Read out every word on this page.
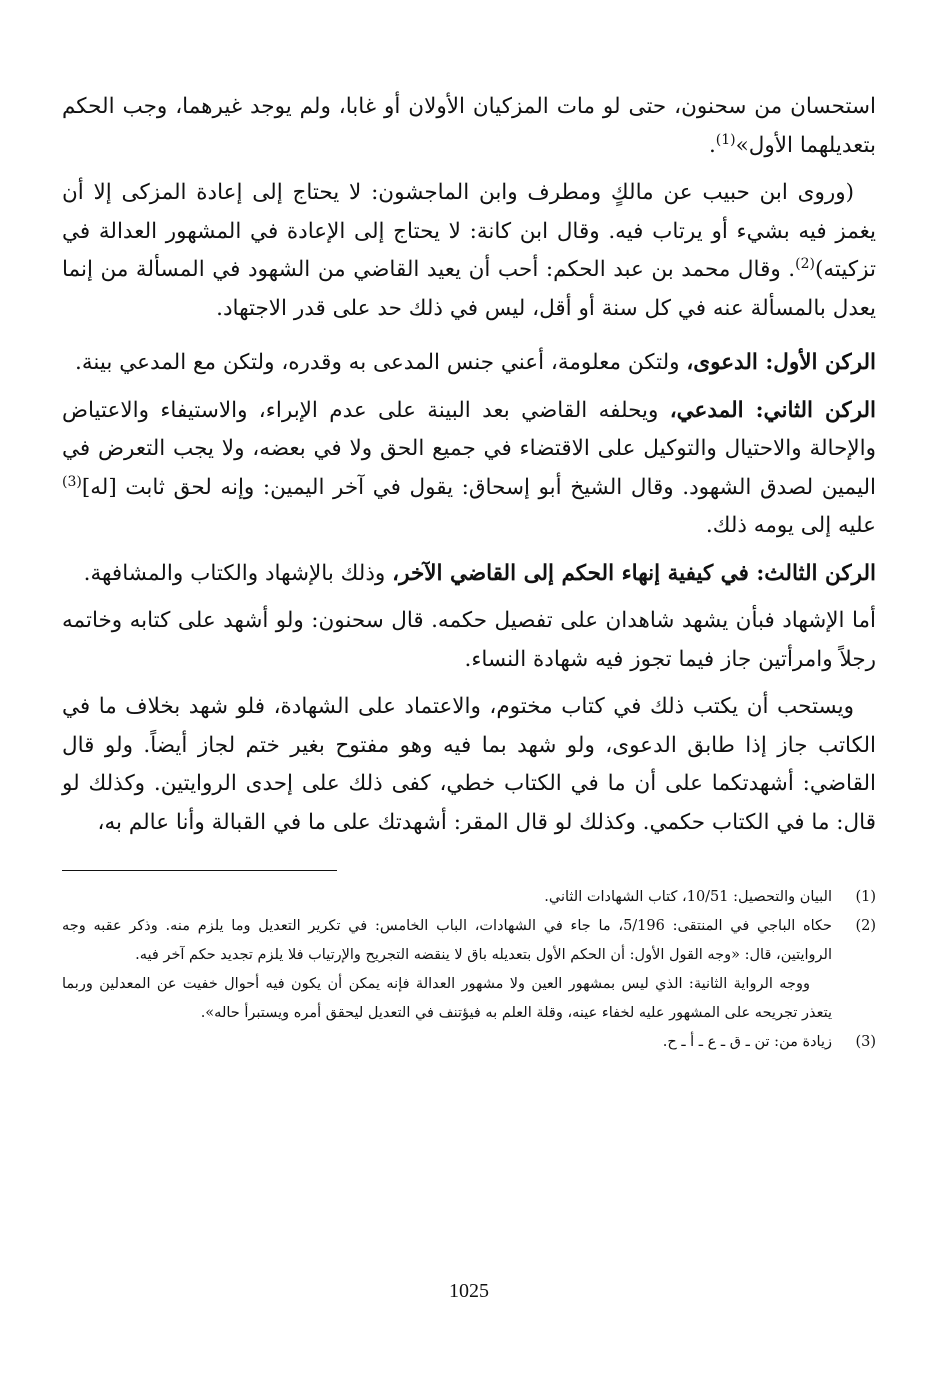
استحسان من سحنون، حتى لو مات المزكيان الأولان أو غابا، ولم يوجد غيرهما، وجب الحكم بتعديلهما الأول»$^{(1)}$.

(وروى ابن حبيب عن مالكٍ ومطرف وابن الماجشون: لا يحتاج إلى إعادة المزكى إلا أن يغمز فيه بشيء أو يرتاب فيه. وقال ابن كانة: لا يحتاج إلى الإعادة في المشهور العدالة في تزكيته)$^{(2)}$. وقال محمد بن عبد الحكم: أحب أن يعيد القاضي من الشهود في المسألة من إنما يعدل بالمسألة عنه في كل سنة أو أقل، ليس في ذلك حد على قدر الاجتهاد.

الركن الأول: الدعوى، ولتكن معلومة، أعني جنس المدعى به وقدره، ولتكن مع المدعي بينة.

الركن الثاني: المدعي، ويحلفه القاضي بعد البينة على عدم الإبراء، والاستيفاء والاعتياض والإحالة والاحتيال والتوكيل على الاقتضاء في جميع الحق ولا في بعضه، ولا يجب التعرض في اليمين لصدق الشهود. وقال الشيخ أبو إسحاق: يقول في آخر اليمين: وإنه لحق ثابت [له]$^{(3)}$ عليه إلى يومه ذلك.

الركن الثالث: في كيفية إنهاء الحكم إلى القاضي الآخر، وذلك بالإشهاد والكتاب والمشافهة.

أما الإشهاد فبأن يشهد شاهدان على تفصيل حكمه. قال سحنون: ولو أشهد على كتابه وخاتمه رجلاً وامرأتين جاز فيما تجوز فيه شهادة النساء.

ويستحب أن يكتب ذلك في كتاب مختوم، والاعتماد على الشهادة، فلو شهد بخلاف ما في الكاتب جاز إذا طابق الدعوى، ولو شهد بما فيه وهو مفتوح بغير ختم لجاز أيضاً. ولو قال القاضي: أشهدتكما على أن ما في الكتاب خطي، كفى ذلك على إحدى الروايتين. وكذلك لو قال: ما في الكتاب حكمي. وكذلك لو قال المقر: أشهدتك على ما في القبالة وأنا عالم به،

(1)
البيان والتحصيل: 10/51، كتاب الشهادات الثاني.
(2)
حكاه الباجي في المنتقى: 5/196، ما جاء في الشهادات، الباب الخامس: في تكرير التعديل وما يلزم منه. وذكر عقبه وجه الروايتين، قال: «وجه القول الأول: أن الحكم الأول بتعديله باق لا ينقضه التجريح والإرتياب فلا يلزم تجديد حكم آخر فيه.
ووجه الرواية الثانية: الذي ليس بمشهور العين ولا مشهور العدالة فإنه يمكن أن يكون فيه أحوال خفيت عن المعدلين وربما يتعذر تجريحه على المشهور عليه لخفاء عينه، وقلة العلم به فيؤتنف في التعديل ليحقق أمره ويستبرأ حاله».
(3)
زيادة من: تن ـ ق ـ ع ـ أ ـ ح.
1025
